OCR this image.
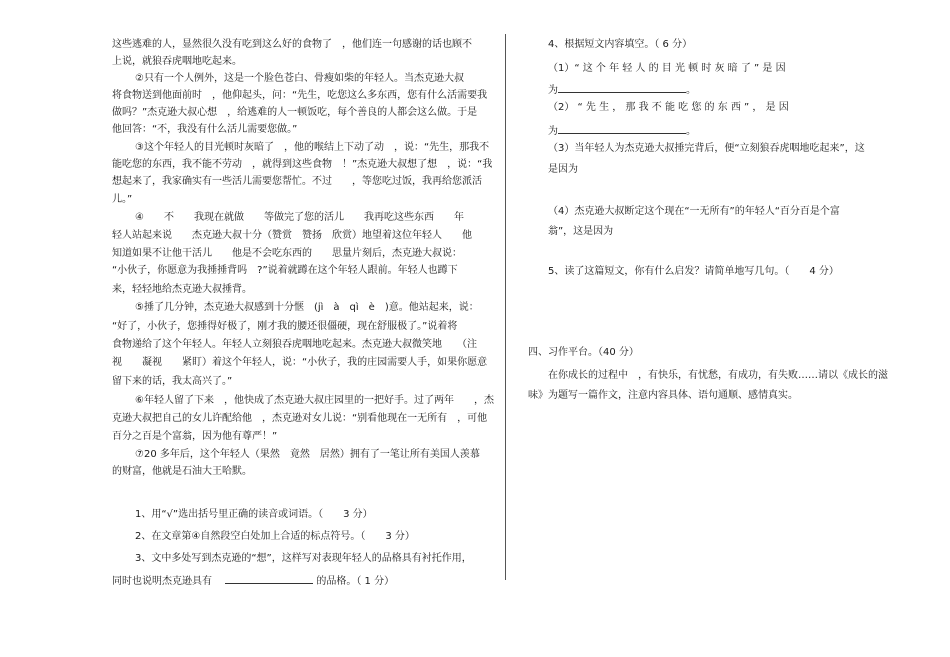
这些逃难的人，显然很久没有吃到这么好的食物了　，他们连一句感谢的话也顾不
上说，就狼吞虎咽地吃起来。
②只有一个人例外，这是一个脸色苍白、骨瘦如柴的年轻人。当杰克逊大叔
将食物送到他面前时　，他仰起头，问：“先生，吃您这么多东西，您有什么活需要我
做吗？”杰克逊大叔心想　，给逃难的人一顿饭吃，每个善良的人都会这么做。于是
他回答：“不，我没有什么活儿需要您做。”
③这个年轻人的目光顿时灰暗了　，他的喉结上下动了动　，说：“先生，那我不
能吃您的东西，我不能不劳动　，就得到这些食物　！”杰克逊大叔想了想　，说：“我
想起来了，我家确实有一些活儿需要您帮忙。不过　　，等您吃过饭，我再给您派活
儿。”
④　　不　　我现在就做　　等做完了您的活儿　　我再吃这些东西　　年
轻人站起来说　　杰克逊大叔十分（赞赏　赞扬　欣赏）地望着这位年轻人　　他
知道如果不让他干活儿　　他是不会吃东西的　　思量片刻后，杰克逊大叔说：
“小伙子，你愿意为我捶捶背吗　?”说着就蹲在这个年轻人跟前。年轻人也蹲下
来，轻轻地给杰克逊大叔捶背。
⑤捶了几分钟，杰克逊大叔感到十分惬　(jì　à　qì　è　)意。他站起来，说：
“好了，小伙子，您捶得好极了，刚才我的腰还很僵硬，现在舒服极了。”说着将
食物递给了这个年轻人。年轻人立刻狼吞虎咽地吃起来。杰克逊大叔微笑地　　（注
视　　凝视　　紧盯）着这个年轻人，说：“小伙子，我的庄园需要人手，如果你愿意
留下来的话，我太高兴了。”
⑥年轻人留了下来　，他快成了杰克逊大叔庄园里的一把好手。过了两年　　，杰
克逊大叔把自己的女儿许配给他　，杰克逊对女儿说：“别看他现在一无所有　，可他
百分之百是个富翁，因为他有尊严！”
⑦20 多年后，这个年轻人（果然　竟然　居然）拥有了一笔让所有美国人羡慕
的财富，他就是石油大王哈默。
1、用“√”选出括号里正确的读音或词语。（　　3 分）
2、在文章第④自然段空白处加上合适的标点符号。（　　3 分）
3、文中多处写到杰克逊的“想”，这样写对表现年轻人的品格具有衬托作用，
同时也说明杰克逊具有	的品格。（ 1 分）
4、根据短文内容填空。（ 6 分）
（1）“ 这 个 年 轻 人 的 目 光 顿 时 灰 暗 了 ” 是 因
为	。
（2） “ 先 生 ， 那 我 不 能 吃 您 的 东 西 ” ， 是 因
为	。
（3）当年轻人为杰克逊大叔捶完背后，便“立刻狼吞虎咽地吃起来”，这
是因为
（4）杰克逊大叔断定这个现在“一无所有”的年轻人“百分百是个富
翁”，这是因为
5、读了这篇短文，你有什么启发？请简单地写几句。（　　4 分）
四、习作平台。（40 分）
在你成长的过程中　，有快乐，有忧愁，有成功，有失败……请以《成长的滋
味》为题写一篇作文，注意内容具体、语句通顺、感情真实。
